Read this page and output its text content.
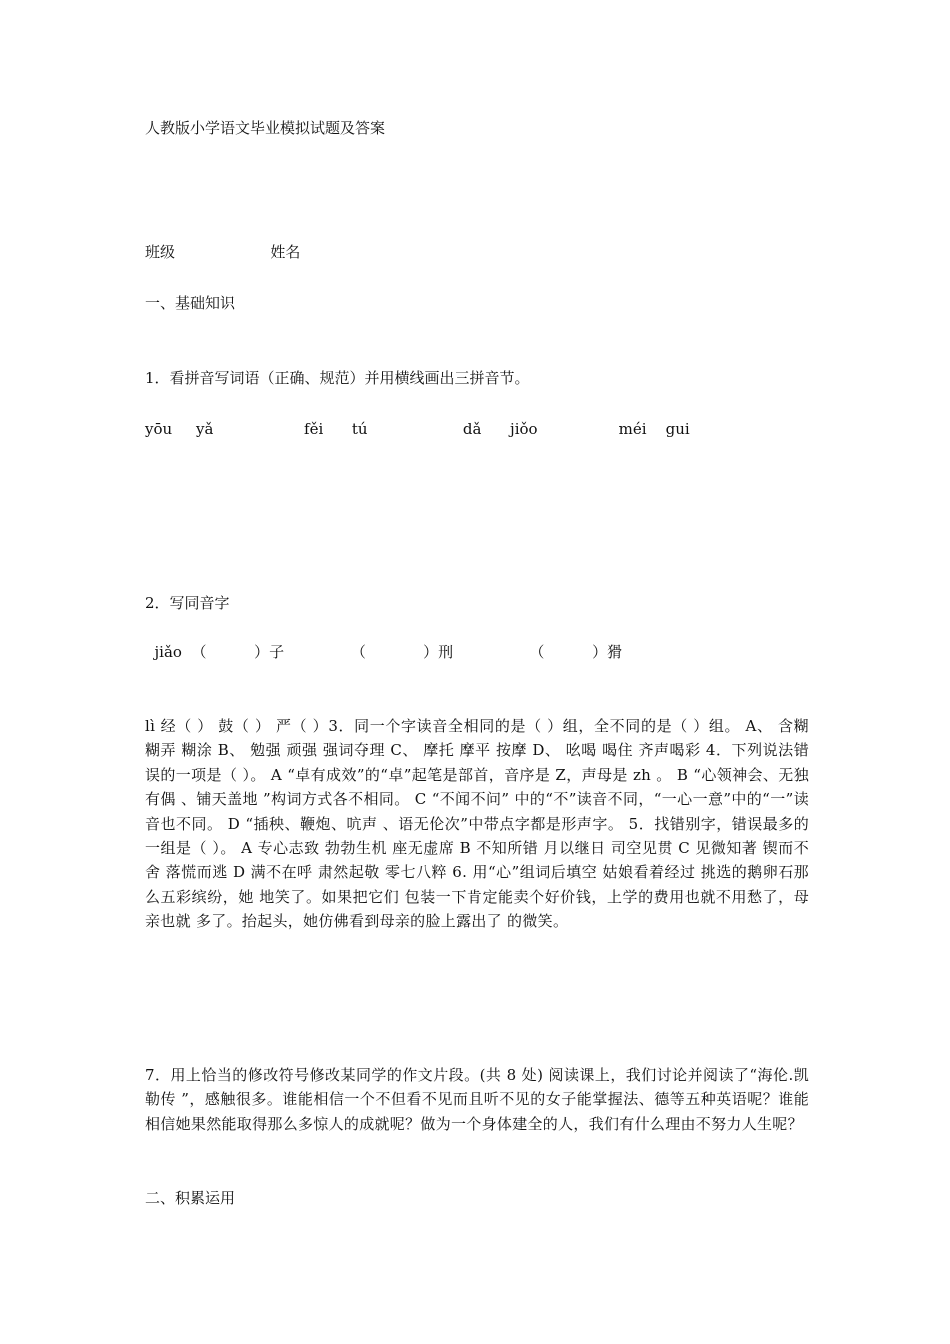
人教版小学语文毕业模拟试题及答案
班级                    姓名
一、基础知识
1．看拼音写词语（正确、规范）并用横线画出三拼音节。
yōu     yǎ                   fěi      tú                    dǎ      jiǒo                 méi    gui
2．写同音字
jiǎo  （          ）子              （            ）刑                （          ）猾
lì 经（ ） 鼓（ ） 严（ ）3．同一个字读音全相同的是（ ）组，全不同的是（ ）组。 A、 含糊 糊弄 糊涂 B、 勉强 顽强 强词夺理 C、 摩托 摩平 按摩 D、 吆喝 喝住 齐声喝彩 4．下列说法错误的一项是（ ）。 A “卓有成效”的“卓”起笔是部首，音序是 Z，声母是 zh 。 B “心领神会、无独有偶 、铺天盖地 ”构词方式各不相同。 C “不闻不问” 中的“不”读音不同，“一心一意”中的“一”读音也不同。 D “插秧、鞭炮、吭声 、语无伦次”中带点字都是形声字。 5．找错别字，错误最多的一组是（ ）。 A 专心志致 勃勃生机 座无虚席 B 不知所错 月以继日 司空见贯 C 见微知著 锲而不舍 落慌而逃 D 满不在呼 肃然起敬 零七八粹 6. 用“心”组词后填空 姑娘看着经过 挑选的鹅卵石那么五彩缤纷，她 地笑了。如果把它们 包装一下肯定能卖个好价钱，上学的费用也就不用愁了，母亲也就 多了。抬起头，她仿佛看到母亲的脸上露出了 的微笑。
7．用上恰当的修改符号修改某同学的作文片段。(共 8 处) 阅读课上，我们讨论并阅读了“海伦.凯勒传 ”，感触很多。谁能相信一个不但看不见而且听不见的女子能掌握法、德等五种英语呢？谁能相信她果然能取得那么多惊人的成就呢？做为一个身体建全的人，我们有什么理由不努力人生呢？
二、积累运用
